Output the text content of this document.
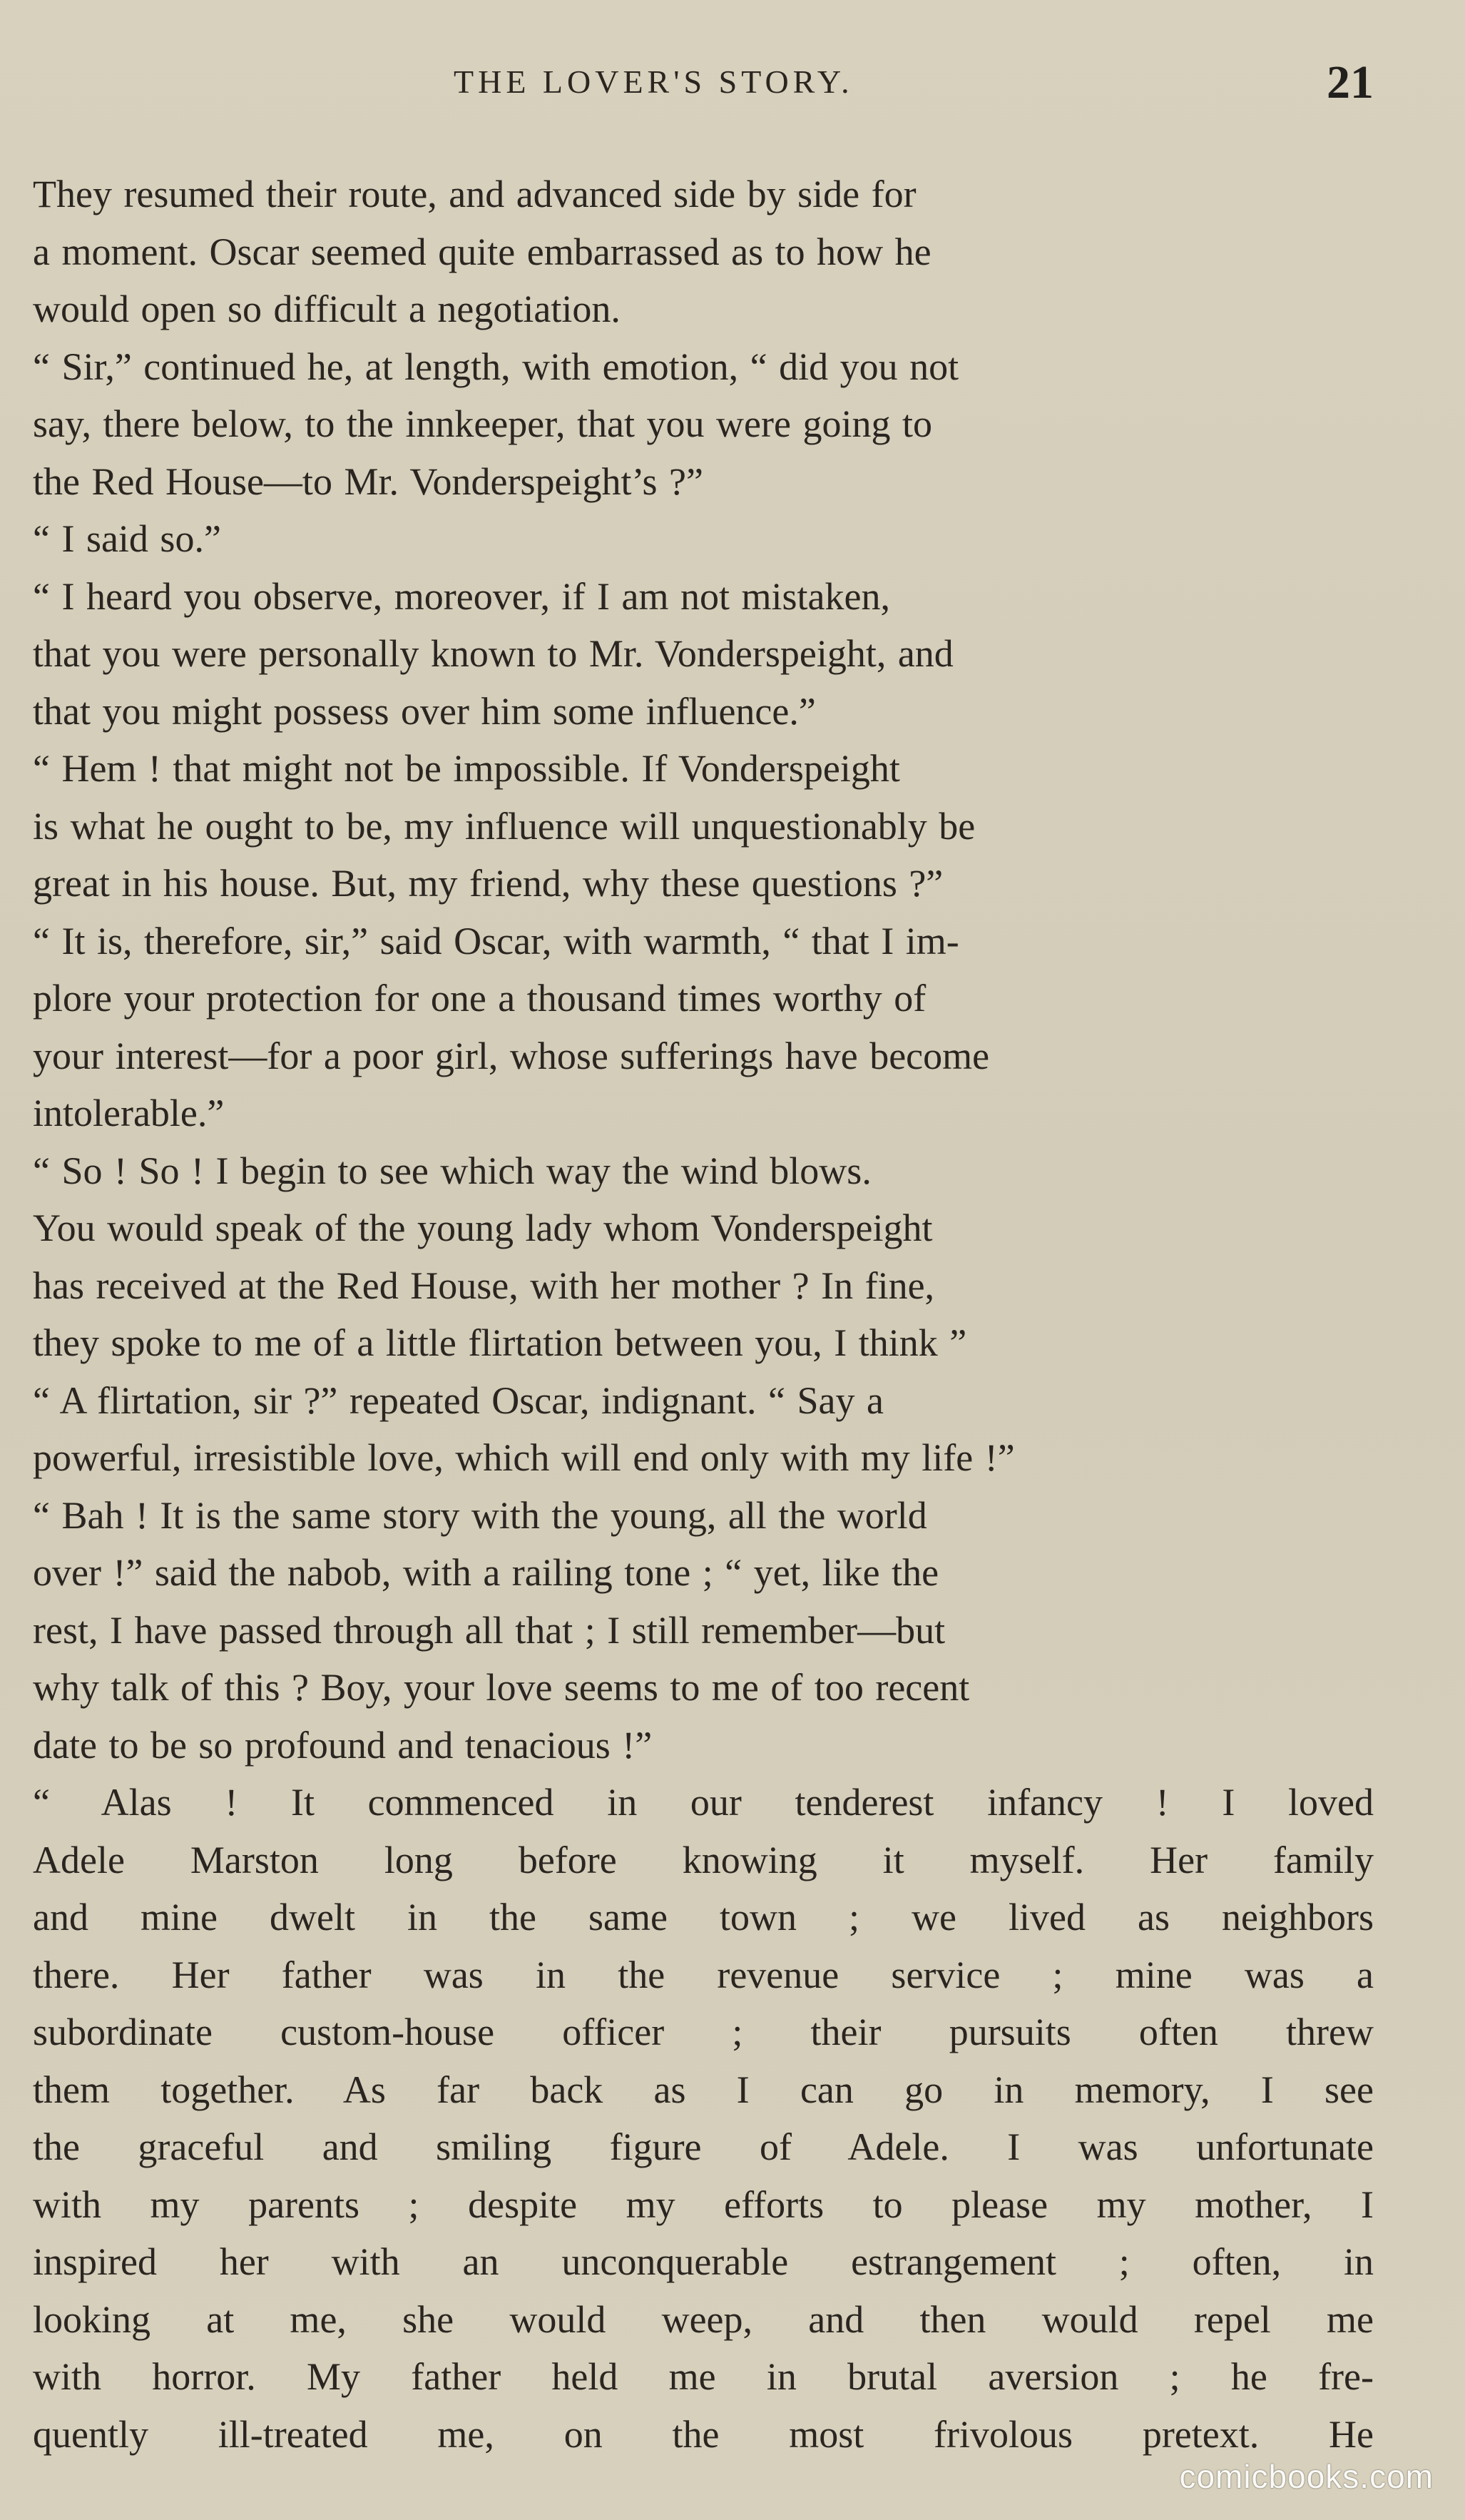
THE LOVER'S STORY.	21

They resumed their route, and advanced side by side for
a moment. Oscar seemed quite embarrassed as to how he
would open so difficult a negotiation.

“ Sir,” continued he, at length, with emotion, “ did you not
say, there below, to the innkeeper, that you were going to
the Red House—to Mr. Vonderspeight’s ?”

“ I said so.”

“ I heard you observe, moreover, if I am not mistaken,
that you were personally known to Mr. Vonderspeight, and
that you might possess over him some influence.”

“ Hem ! that might not be impossible. If Vonderspeight
is what he ought to be, my influence will unquestionably be
great in his house. But, my friend, why these questions ?”

“ It is, therefore, sir,” said Oscar, with warmth, “ that I im-
plore your protection for one a thousand times worthy of
your interest—for a poor girl, whose sufferings have become
intolerable.”

“ So ! So ! I begin to see which way the wind blows.
You would speak of the young lady whom Vonderspeight
has received at the Red House, with her mother ? In fine,
they spoke to me of a little flirtation between you, I think ”

“ A flirtation, sir ?” repeated Oscar, indignant. “ Say a
powerful, irresistible love, which will end only with my life !”

“ Bah ! It is the same story with the young, all the world
over !” said the nabob, with a railing tone ; “ yet, like the
rest, I have passed through all that ; I still remember—but
why talk of this ? Boy, your love seems to me of too recent
date to be so profound and tenacious !”

“ Alas ! It commenced in our tenderest infancy ! I loved
Adele Marston long before knowing it myself. Her family
and mine dwelt in the same town ; we lived as neighbors
there. Her father was in the revenue service ; mine was a
subordinate custom-house officer ; their pursuits often threw
them together. As far back as I can go in memory, I see
the graceful and smiling figure of Adele. I was unfortunate
with my parents ; despite my efforts to please my mother, I
inspired her with an unconquerable estrangement ; often, in
looking at me, she would weep, and then would repel me
with horror. My father held me in brutal aversion ; he fre-
quently ill-treated me, on the most frivolous pretext. He

comicbooks.com
